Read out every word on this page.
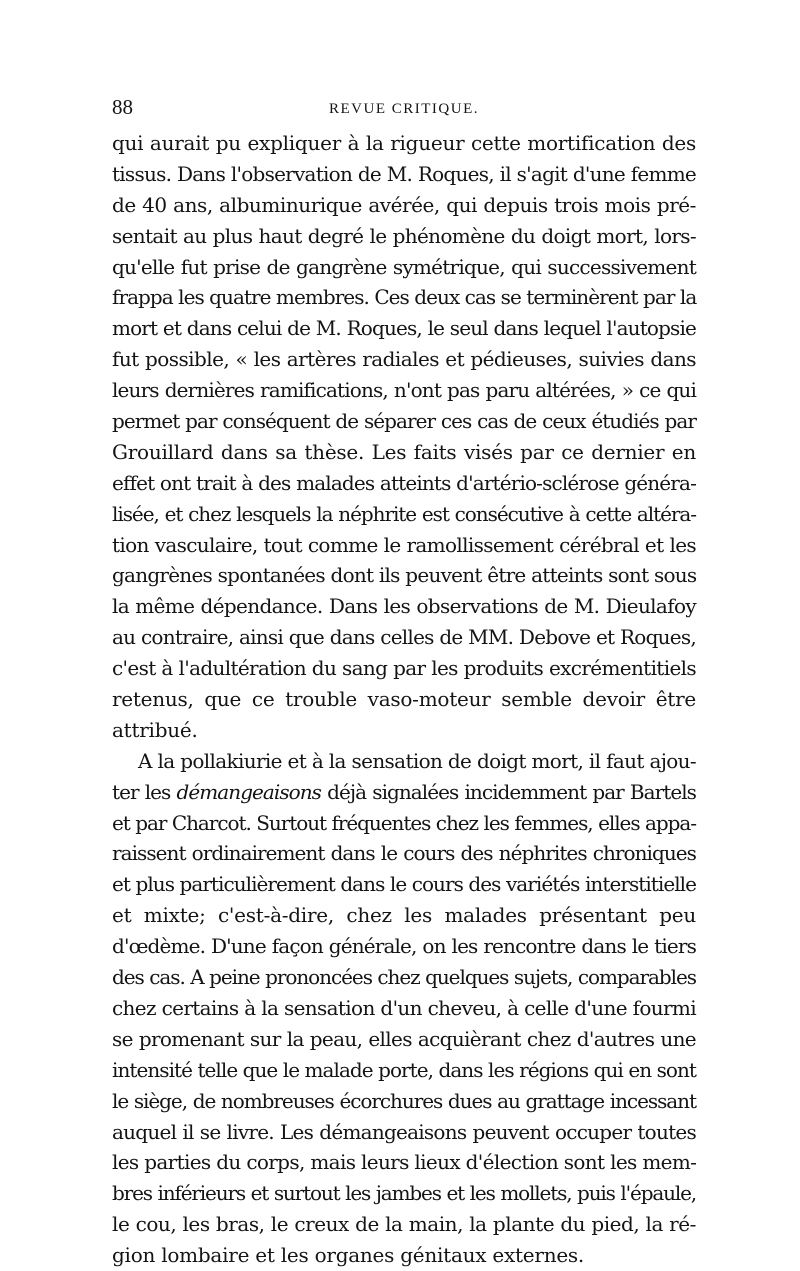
88	REVUE CRITIQUE.
qui aurait pu expliquer à la rigueur cette mortification des
tissus. Dans l'observation de M. Roques, il s'agit d'une femme
de 40 ans, albuminurique avérée, qui depuis trois mois pré-
sentait au plus haut degré le phénomène du doigt mort, lors-
qu'elle fut prise de gangrène symétrique, qui successivement
frappa les quatre membres. Ces deux cas se terminèrent par la
mort et dans celui de M. Roques, le seul dans lequel l'autopsie
fut possible, « les artères radiales et pédieuses, suivies dans
leurs dernières ramifications, n'ont pas paru altérées, » ce qui
permet par conséquent de séparer ces cas de ceux étudiés par
Grouillard dans sa thèse. Les faits visés par ce dernier en
effet ont trait à des malades atteints d'artério-sclérose généra-
lisée, et chez lesquels la néphrite est consécutive à cette altéra-
tion vasculaire, tout comme le ramollissement cérébral et les
gangrènes spontanées dont ils peuvent être atteints sont sous
la même dépendance. Dans les observations de M. Dieulafoy
au contraire, ainsi que dans celles de MM. Debove et Roques,
c'est à l'adultération du sang par les produits excrémentitiels
retenus, que ce trouble vaso-moteur semble devoir être
attribué.
A la pollakiurie et à la sensation de doigt mort, il faut ajou-
ter les démangeaisons déjà signalées incidemment par Bartels
et par Charcot. Surtout fréquentes chez les femmes, elles appa-
raissent ordinairement dans le cours des néphrites chroniques
et plus particulièrement dans le cours des variétés interstitielle
et mixte; c'est-à-dire, chez les malades présentant peu
d'œdème. D'une façon générale, on les rencontre dans le tiers
des cas. A peine prononcées chez quelques sujets, comparables
chez certains à la sensation d'un cheveu, à celle d'une fourmi
se promenant sur la peau, elles acquièrant chez d'autres une
intensité telle que le malade porte, dans les régions qui en sont
le siège, de nombreuses écorchures dues au grattage incessant
auquel il se livre. Les démangeaisons peuvent occuper toutes
les parties du corps, mais leurs lieux d'élection sont les mem-
bres inférieurs et surtout les jambes et les mollets, puis l'épaule,
le cou, les bras, le creux de la main, la plante du pied, la ré-
gion lombaire et les organes génitaux externes.
